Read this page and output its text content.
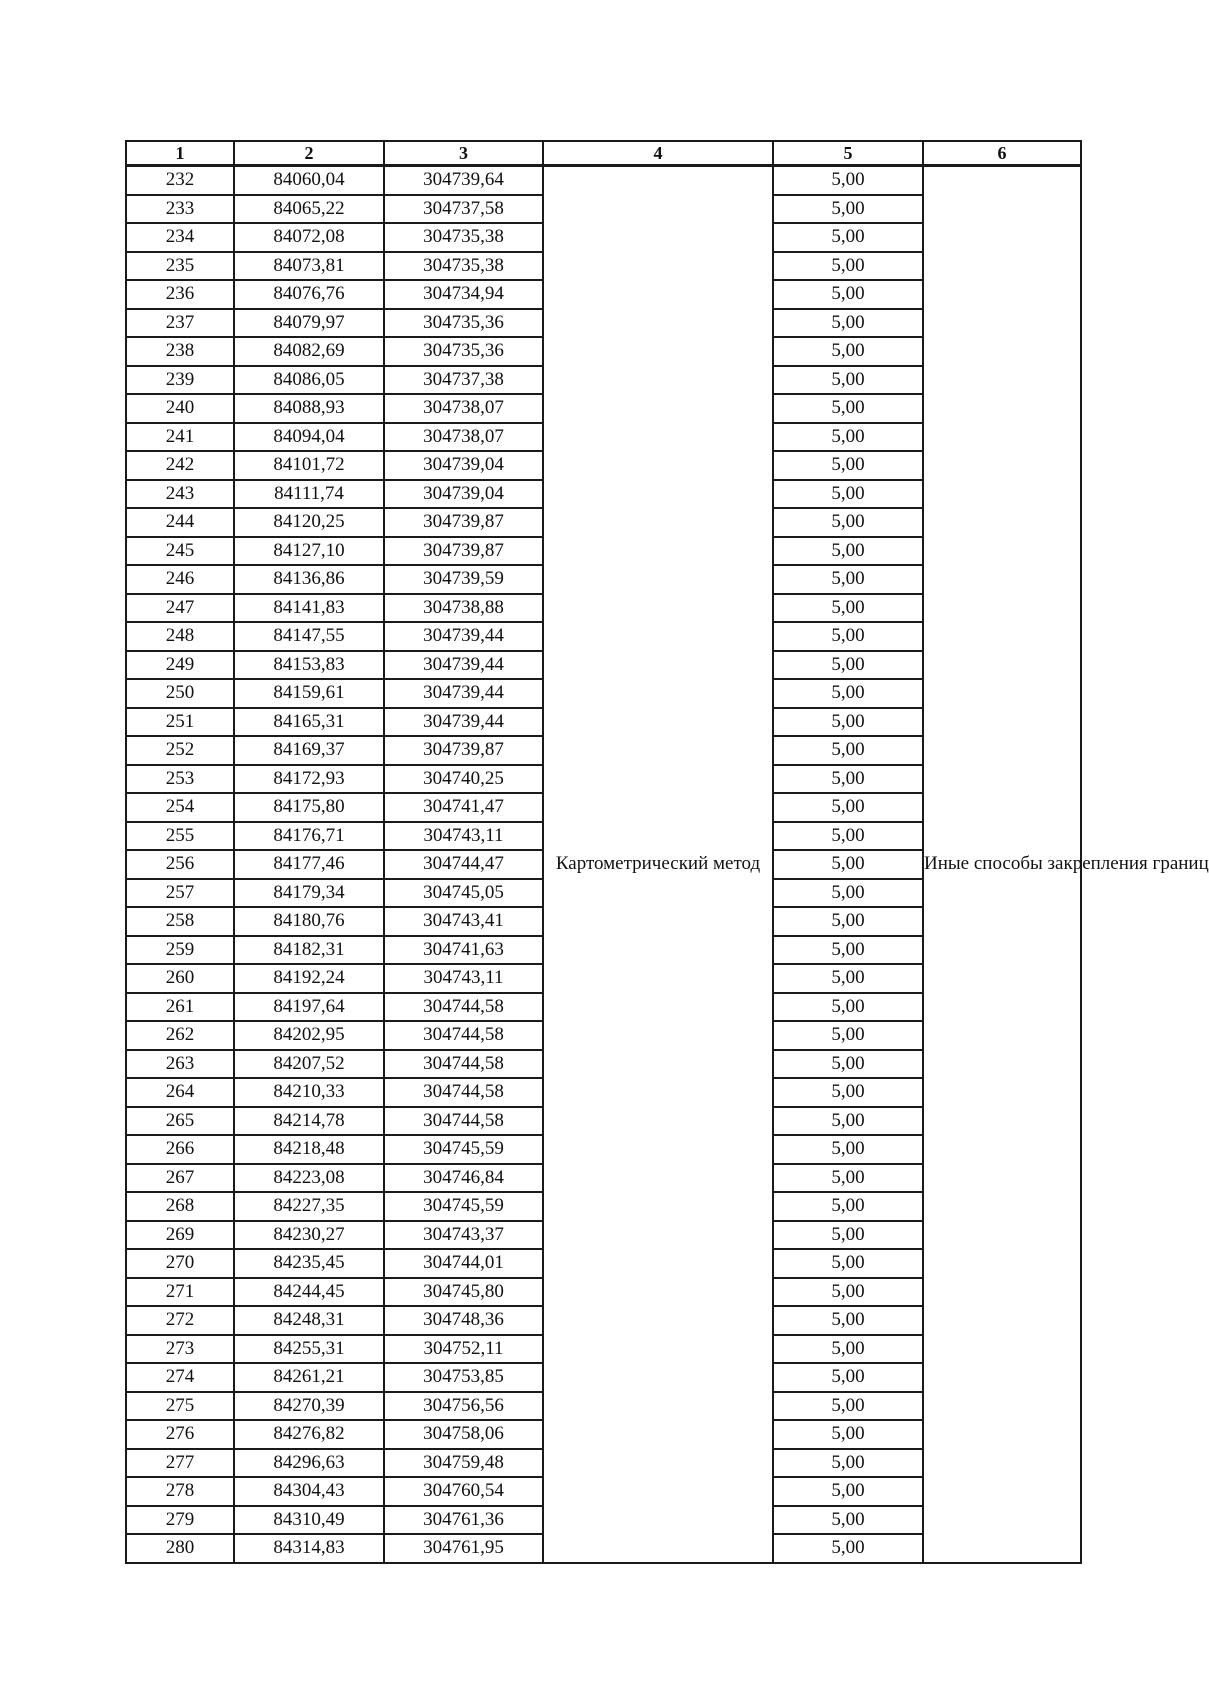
1	2	3	4	5	6
232	84060,04	304739,64	Картометрический метод	5,00	Иные способы закрепления границ
233	84065,22	304737,58		5,00	
234	84072,08	304735,38		5,00	
235	84073,81	304735,38		5,00	
236	84076,76	304734,94		5,00	
237	84079,97	304735,36		5,00	
238	84082,69	304735,36		5,00	
239	84086,05	304737,38		5,00	
240	84088,93	304738,07		5,00	
241	84094,04	304738,07		5,00	
242	84101,72	304739,04		5,00	
243	84111,74	304739,04		5,00	
244	84120,25	304739,87		5,00	
245	84127,10	304739,87		5,00	
246	84136,86	304739,59		5,00	
247	84141,83	304738,88		5,00	
248	84147,55	304739,44		5,00	
249	84153,83	304739,44		5,00	
250	84159,61	304739,44		5,00	
251	84165,31	304739,44		5,00	
252	84169,37	304739,87		5,00	
253	84172,93	304740,25		5,00	
254	84175,80	304741,47		5,00	
255	84176,71	304743,11		5,00	
256	84177,46	304744,47		5,00	
257	84179,34	304745,05		5,00	
258	84180,76	304743,41		5,00	
259	84182,31	304741,63		5,00	
260	84192,24	304743,11		5,00	
261	84197,64	304744,58		5,00	
262	84202,95	304744,58		5,00	
263	84207,52	304744,58		5,00	
264	84210,33	304744,58		5,00	
265	84214,78	304744,58		5,00	
266	84218,48	304745,59		5,00	
267	84223,08	304746,84		5,00	
268	84227,35	304745,59		5,00	
269	84230,27	304743,37		5,00	
270	84235,45	304744,01		5,00	
271	84244,45	304745,80		5,00	
272	84248,31	304748,36		5,00	
273	84255,31	304752,11		5,00	
274	84261,21	304753,85		5,00	
275	84270,39	304756,56		5,00	
276	84276,82	304758,06		5,00	
277	84296,63	304759,48		5,00	
278	84304,43	304760,54		5,00	
279	84310,49	304761,36		5,00	
280	84314,83	304761,95		5,00	
